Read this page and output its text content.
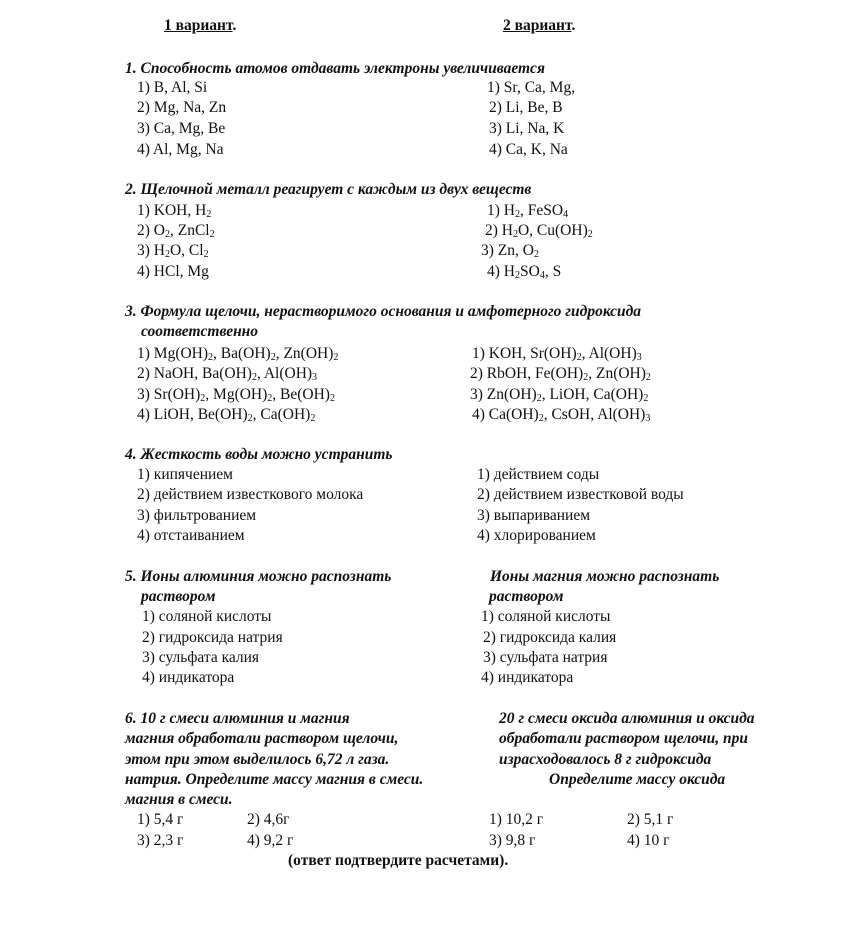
1 вариант.	2 вариант.
1. Способность атомов отдавать электроны увеличивается
1) B, Al, Si
2) Mg, Na, Zn
3) Ca, Mg, Be
4) Al, Mg, Na
1) Sr, Ca, Mg,
2) Li, Be, B
3) Li, Na, K
4) Ca, K, Na
2. Щелочной металл реагирует с каждым из двух веществ
1) KOH, $H_2$
2) $O_2$, ZnCl$_2$
3) $H_2O$, $Cl_2$
4) HCl, Mg
1) $H_2$, FeSO$_4$
2) $H_2O$, $Cu(OH)_2$
3) Zn, $O_2$
4) $H_2SO_4$, S
3. Формула щелочи, нерастворимого основания и амфотерного гидроксида
соответственно
1) $Mg(OH)_2$, $Ba(OH)_2$, $Zn(OH)_2$
2) NaOH, $Ba(OH)_2$, $Al(OH)_3$
3) $Sr(OH)_2$, $Mg(OH)_2$, $Be(OH)_2$
4) LiOH, $Be(OH)_2$, $Ca(OH)_2$
1) KOH, $Sr(OH)_2$, $Al(OH)_3$
2) RbOH, $Fe(OH)_2$, $Zn(OH)_2$
3) $Zn(OH)_2$, LiOH, $Ca(OH)_2$
4) $Ca(OH)_2$, CsOH, $Al(OH)_3$
4. Жесткость воды можно устранить
1) кипячением
2) действием известкового молока
3) фильтрованием
4) отстаиванием
1) действием соды
2) действием известковой воды
3) выпариванием
4) хлорированием
5. Ионы алюминия можно распознать
раствором
Ионы магния можно распознать
раствором
1) соляной кислоты
2) гидроксида натрия
3) сульфата калия
4) индикатора
1) соляной кислоты
2) гидроксида калия
3) сульфата натрия
4) индикатора
6. 10 г смеси алюминия и магния
магния обработали раствором щелочи,
этом при этом выделилось 6,72 л газа.
натрия. Определите массу магния в смеси.
магния в смеси.
20 г смеси оксида алюминия и оксида
обработали раствором щелочи, при
израсходовалось 8 г гидроксида
Определите массу оксида
1) 5,4 г	2) 4,6г
3) 2,3 г	4) 9,2 г
1) 10,2 г	2) 5,1 г
3) 9,8 г	4) 10 г
(ответ подтвердите расчетами).
